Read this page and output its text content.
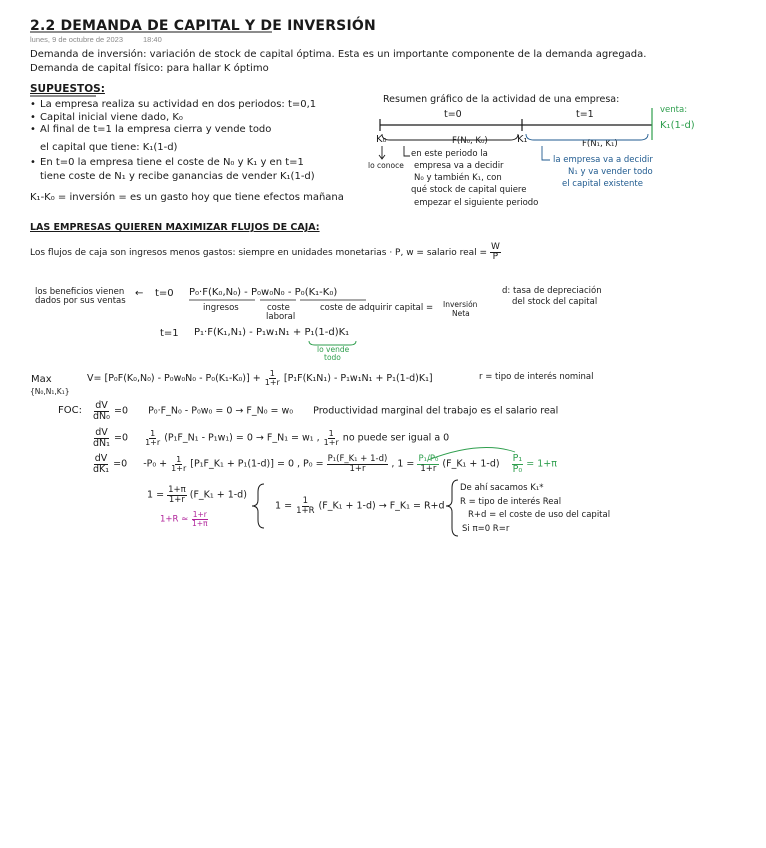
2.2 DEMANDA DE CAPITAL Y DE INVERSIÓN
lunes, 9 de octubre de 2023	18:40
Demanda de inversión: variación de stock de capital óptima. Esta es un importante componente de la demanda agregada.
Demanda de capital físico: para hallar K óptimo
SUPUESTOS:
• La empresa realiza su actividad en dos periodos: t=0,1
• Capital inicial viene dado, K₀
• Al final de t=1 la empresa cierra y vende todo
el capital que tiene: K₁(1-d)
• En t=0 la empresa tiene el coste de N₀ y K₁ y en t=1
tiene coste de N₁ y recibe ganancias de vender K₁(1-d)
K₁-K₀ = inversión = es un gasto hoy que tiene efectos mañana
Resumen gráfico de la actividad de una empresa:
t=0	t=1
K₀	K₁
F(N₀, K₀)	F(N₁, K₁)
lo conoce
en este periodo la
empresa va a decidir
N₀ y también K₁, con
qué stock de capital quiere
empezar el siguiente periodo
la empresa va a decidir
N₁ y va vender todo
el capital existente
venta:
K₁(1-d)
LAS EMPRESAS QUIEREN MAXIMIZAR FLUJOS DE CAJA:
Los flujos de caja son ingresos menos gastos: siempre en unidades monetarias · P, w = salario real = $\frac{W}{P}$
los beneficios vienen
dados por sus ventas
← t=0 P₀·F(K₀,N₀) - P₀w₀N₀ - P₀(K₁-K₀)
ingresos	coste
laboral
coste de adquirir capital = Inversión
Neta
d: tasa de depreciación
del stock del capital
t=1 P₁·F(K₁,N₁) - P₁w₁N₁ + P₁(1-d)K₁
lo vende
todo
Max
{N₀,N₁,K₁}
$V= [P_0F(K_0,N_0) - P_0w_0N_0 - P_0(K_1-K_0)] + \frac{1}{1+r} [P_1F(K_1N_1) - P_1w_1N_1 + P_1(1-d)K_1]$	r = tipo de interés nominal
FOC: $\frac{dV}{\text{dN₀}} =0$ P₀·F_N₀ - P₀w₀ = 0 → F_N₀ = w₀ Productividad marginal del trabajo es el salario real
$\frac{dV}{\text{dN₁}} =0 \frac{1}{1+r}$ (P₁F_N₁ - P₁w₁) = 0 → F_N₁ = w₁ , $\frac{1}{1+r}$ no puede ser igual a 0
$\frac{dV}{\text{dK₁}} =0$ $-P_0 + \frac{1}{1+r}$ [P₁F_K₁ + P₁(1-d)] = 0 , $P_0 = \frac{\text{P₁(F\_K₁ + 1-d)}}{1+r}$ , $1 = \frac{\text{P₁/P₀}}{1+r}$ (F_K₁ + $1-d) \frac{\text{P₁}}{\text{P₀}} = 1+\pi$
$1 = \frac{1+\pi}{1+r}$ (F_K₁ + 1-d)
1+R ≃ $\frac{1+r}{1+\pi}$
$1 = \frac{1}{1+R}$ (F_K₁ + 1-d) → F_K₁ = R+d
De ahí sacamos K₁*
R = tipo de interés Real
R+d = el coste de uso del capital
Si π=0 R=r
